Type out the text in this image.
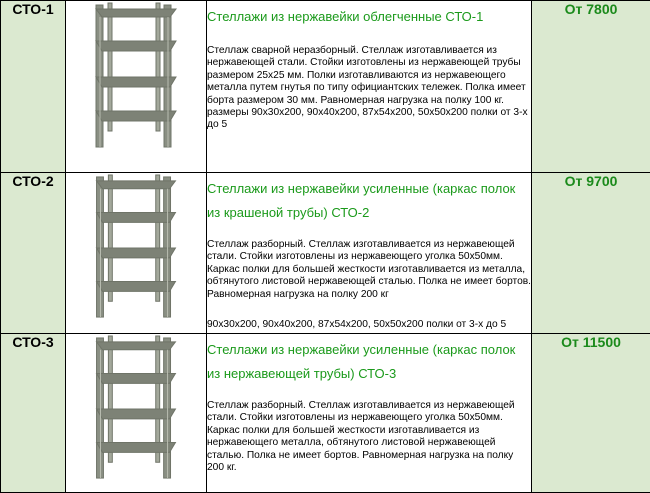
СТО-1		Стеллажи из нержавейки облегченные СТО-1
Стеллаж сварной неразборный. Стеллаж изготавливается из нержавеющей стали. Стойки изготовлены из нержавеющей трубы размером 25х25 мм. Полки изготавливаются из нержавеющего металла путем гнутья по типу официантских тележек. Полка имеет борта размером 30 мм. Равномерная нагрузка на полку 100 кг. размеры 90х30х200, 90х40х200, 87х54х200, 50х50х200 полки от 3-х до 5	От 7800
СТО-2		Стеллажи из нержавейки усиленные (каркас полок из крашеной трубы) СТО-2
Стеллаж разборный. Стеллаж изготавливается из нержавеющей стали. Стойки изготовлены из нержавеющего уголка 50х50мм. Каркас полки для большей жесткости изготавливается из металла, обтянутого листовой нержавеющей сталью. Полка не имеет бортов. Равномерная нагрузка на полку 200 кг
90х30х200, 90х40х200, 87х54х200, 50х50х200 полки от 3-х до 5	От 9700
СТО-3		Стеллажи из нержавейки усиленные (каркас полок из нержавеющей трубы) СТО-3
Стеллаж разборный. Стеллаж изготавливается из нержавеющей стали. Стойки изготовлены из нержавеющего уголка 50х50мм. Каркас полки для большей жесткости изготавливается из нержавеющего металла, обтянутого листовой нержавеющей сталью. Полка не имеет бортов. Равномерная нагрузка на полку 200 кг.	От 11500
